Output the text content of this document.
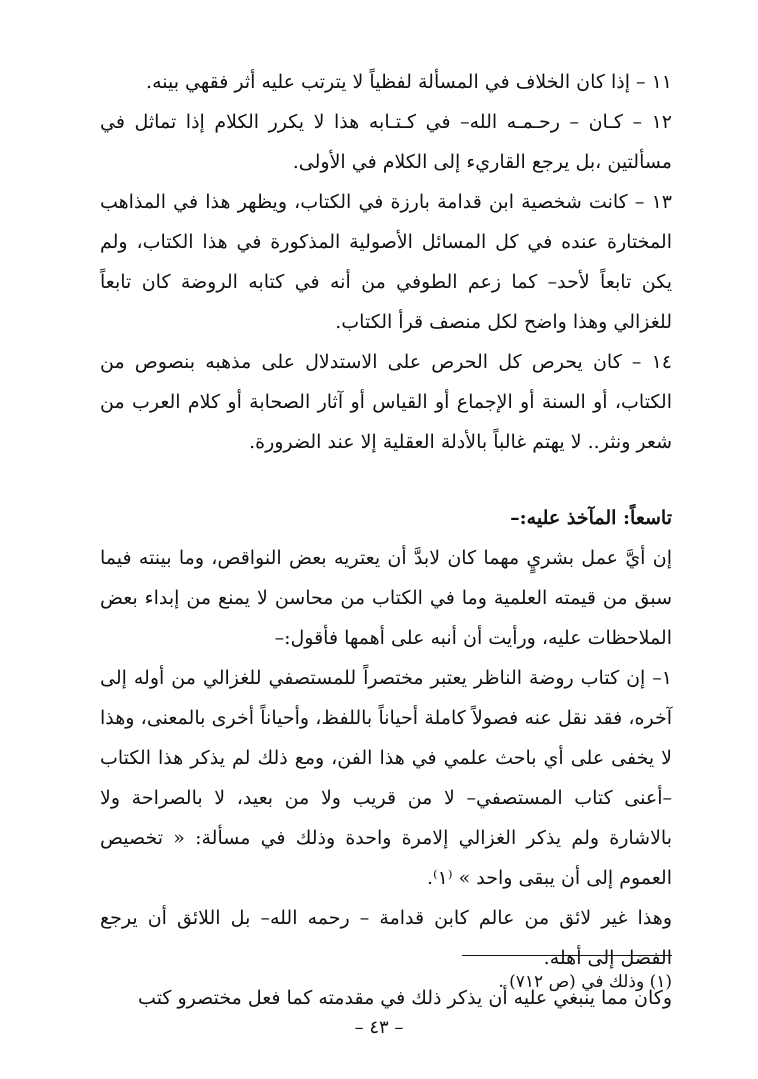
١١ – إذا كان الخلاف في المسألة لفظياً لا يترتب عليه أثر فقهي بينه.

١٢ – كـان – رحـمـه الله– في كـتـابه هذا لا يكرر الكلام إذا تماثل في مسألتين ،بل يرجع القاريء إلى الكلام في الأولى.

١٣ – كانت شخصية ابن قدامة بارزة في الكتاب، ويظهر هذا في المذاهب المختارة عنده في كل المسائل الأصولية المذكورة في هذا الكتاب، ولم يكن تابعاً لأحد– كما زعم الطوفي من أنه في كتابه الروضة كان تابعاً للغزالي وهذا واضح لكل منصف قرأ الكتاب.

١٤ – كان يحرص كل الحرص على الاستدلال على مذهبه بنصوص من الكتاب، أو السنة أو الإجماع أو القياس أو آثار الصحابة أو كلام العرب من شعر ونثر.. لا يهتم غالباً بالأدلة العقلية إلا عند الضرورة.

تاسعاً: المآخذ عليه:–

إن أيَّ عمل بشريٍ مهما كان لابدَّ أن يعتريه بعض النواقص، وما بينته فيما سبق من قيمته العلمية وما في الكتاب من محاسن لا يمنع من إبداء بعض الملاحظات عليه، ورأيت أن أنبه على أهمها فأقول:–

١– إن كتاب روضة الناظر يعتبر مختصراً للمستصفي للغزالي من أوله إلى آخره، فقد نقل عنه فصولاً كاملة أحياناً باللفظ، وأحياناً أخرى بالمعنى، وهذا لا يخفى على أي باحث علمي في هذا الفن، ومع ذلك لم يذكر هذا الكتاب –أعنى كتاب المستصفي– لا من قريب ولا من بعيد، لا بالصراحة ولا بالاشارة ولم يذكر الغزالي إلامرة واحدة وذلك في مسألة: « تخصيص العموم إلى أن يبقى واحد » ⁽١⁾.

وهذا غير لائق من عالم كابن قدامة – رحمه الله– بل اللائق أن يرجع الفضل إلى أهله.

وكان مما ينبغي عليه أن يذكر ذلك في مقدمته كما فعل مختصرو كتب

(١) وذلك في (ص ٧١٢) .
– ٤٣ –
